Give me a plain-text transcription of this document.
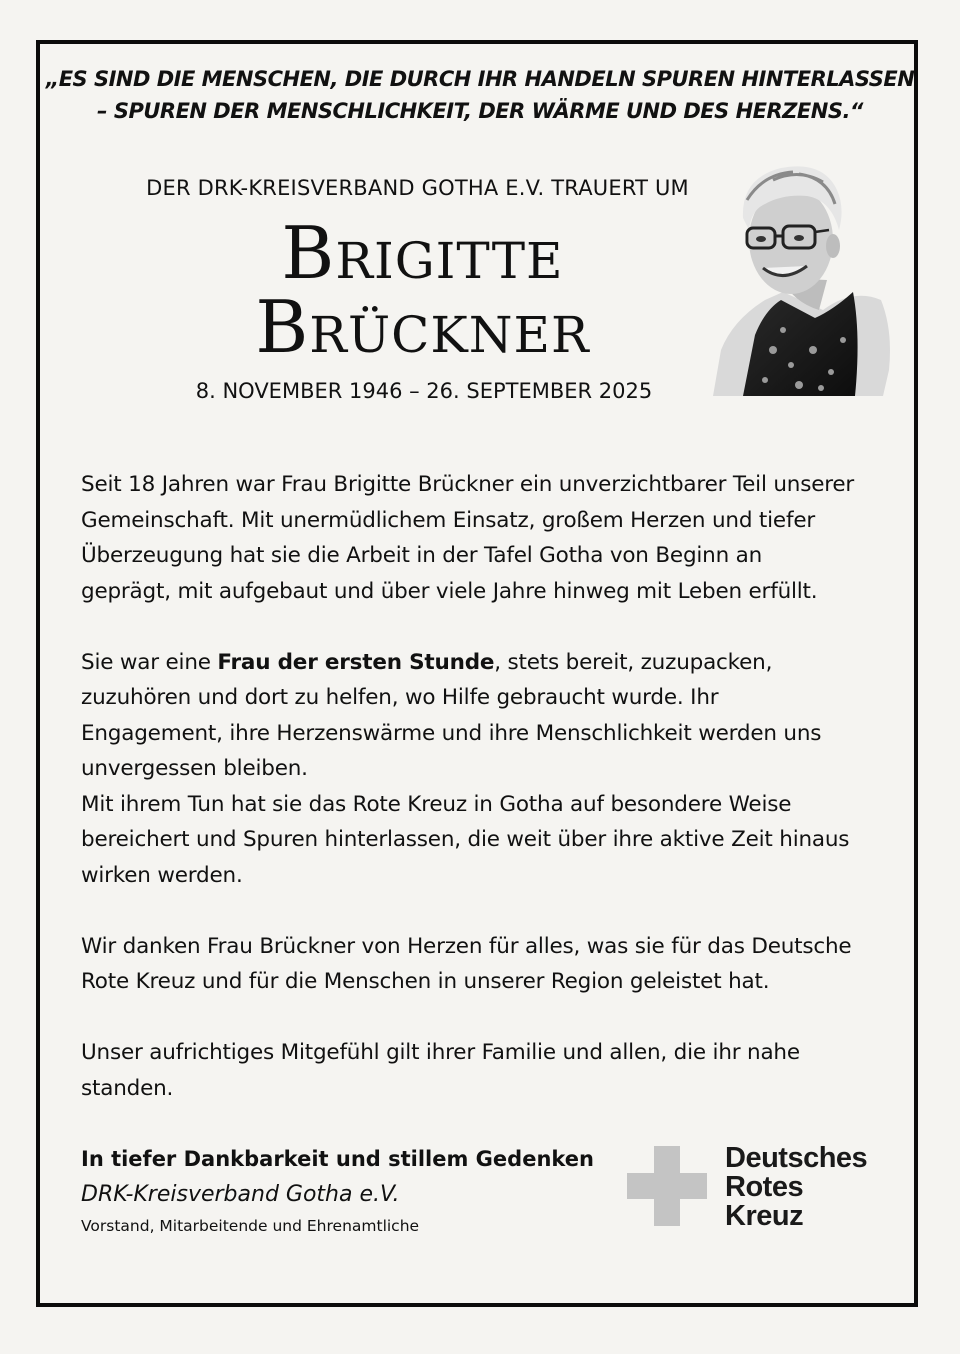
„ES SIND DIE MENSCHEN, DIE DURCH IHR HANDELN SPUREN HINTERLASSEN
– SPUREN DER MENSCHLICHKEIT, DER WÄRME UND DES HERZENS.“
DER DRK-KREISVERBAND GOTHA E.V. TRAUERT UM
Brigitte
Brückner
8. NOVEMBER 1946 – 26. SEPTEMBER 2025

Seit 18 Jahren war Frau Brigitte Brückner ein unverzichtbarer Teil unserer
Gemeinschaft. Mit unermüdlichem Einsatz, großem Herzen und tiefer
Überzeugung hat sie die Arbeit in der Tafel Gotha von Beginn an
geprägt, mit aufgebaut und über viele Jahre hinweg mit Leben erfüllt.

Sie war eine Frau der ersten Stunde, stets bereit, zuzupacken,
zuzuhören und dort zu helfen, wo Hilfe gebraucht wurde. Ihr
Engagement, ihre Herzenswärme und ihre Menschlichkeit werden uns
unvergessen bleiben.
Mit ihrem Tun hat sie das Rote Kreuz in Gotha auf besondere Weise
bereichert und Spuren hinterlassen, die weit über ihre aktive Zeit hinaus
wirken werden.

Wir danken Frau Brückner von Herzen für alles, was sie für das Deutsche
Rote Kreuz und für die Menschen in unserer Region geleistet hat.

Unser aufrichtiges Mitgefühl gilt ihrer Familie und allen, die ihr nahe
standen.

In tiefer Dankbarkeit und stillem Gedenken
DRK-Kreisverband Gotha e.V.
Vorstand, Mitarbeitende und Ehrenamtliche
Deutsches
Rotes
Kreuz
